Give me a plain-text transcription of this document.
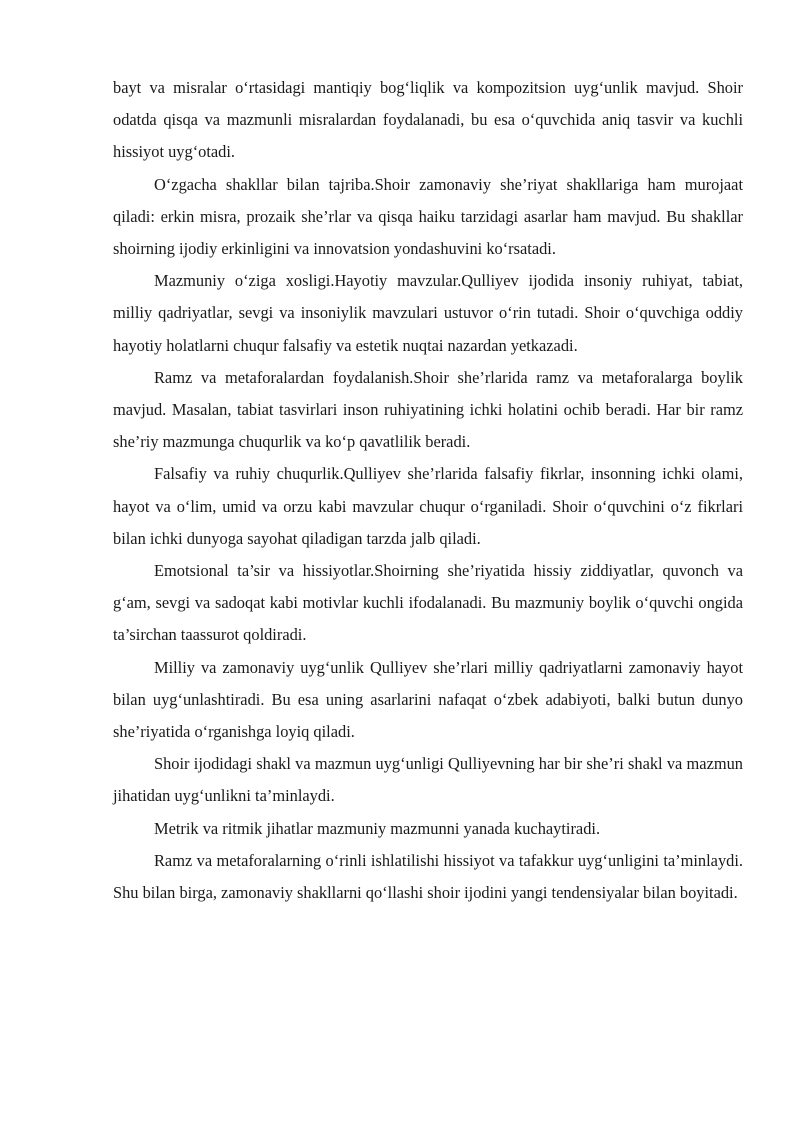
bayt va misralar o‘rtasidagi mantiqiy bog‘liqlik va kompozitsion uyg‘unlik mavjud. Shoir odatda qisqa va mazmunli misralardan foydalanadi, bu esa o‘quvchida aniq tasvir va kuchli hissiyot uyg‘otadi.

O‘zgacha shakllar bilan tajriba.Shoir zamonaviy she’riyat shakllariga ham murojaat qiladi: erkin misra, prozaik she’rlar va qisqa haiku tarzidagi asarlar ham mavjud. Bu shakllar shoirning ijodiy erkinligini va innovatsion yondashuvini ko‘rsatadi.

Mazmuniy o‘ziga xosligi.Hayotiy mavzular.Qulliyev ijodida insoniy ruhiyat, tabiat, milliy qadriyatlar, sevgi va insoniylik mavzulari ustuvor o‘rin tutadi. Shoir o‘quvchiga oddiy hayotiy holatlarni chuqur falsafiy va estetik nuqtai nazardan yetkazadi.

Ramz va metaforalardan foydalanish.Shoir she’rlarida ramz va metaforalarga boylik mavjud. Masalan, tabiat tasvirlari inson ruhiyatining ichki holatini ochib beradi. Har bir ramz she’riy mazmunga chuqurlik va ko‘p qavatlilik beradi.

Falsafiy va ruhiy chuqurlik.Qulliyev she’rlarida falsafiy fikrlar, insonning ichki olami, hayot va o‘lim, umid va orzu kabi mavzular chuqur o‘rganiladi. Shoir o‘quvchini o‘z fikrlari bilan ichki dunyoga sayohat qiladigan tarzda jalb qiladi.

Emotsional ta’sir va hissiyotlar.Shoirning she’riyatida hissiy ziddiyatlar, quvonch va g‘am, sevgi va sadoqat kabi motivlar kuchli ifodalanadi. Bu mazmuniy boylik o‘quvchi ongida ta’sirchan taassurot qoldiradi.

Milliy va zamonaviy uyg‘unlik Qulliyev she’rlari milliy qadriyatlarni zamonaviy hayot bilan uyg‘unlashtiradi. Bu esa uning asarlarini nafaqat o‘zbek adabiyoti, balki butun dunyo she’riyatida o‘rganishga loyiq qiladi.

Shoir ijodidagi shakl va mazmun uyg‘unligi Qulliyevning har bir she’ri shakl va mazmun jihatidan uyg‘unlikni ta’minlaydi.

Metrik va ritmik jihatlar mazmuniy mazmunni yanada kuchaytiradi.

Ramz va metaforalarning o‘rinli ishlatilishi hissiyot va tafakkur uyg‘unligini ta’minlaydi. Shu bilan birga, zamonaviy shakllarni qo‘llashi shoir ijodini yangi tendensiyalar bilan boyitadi.
